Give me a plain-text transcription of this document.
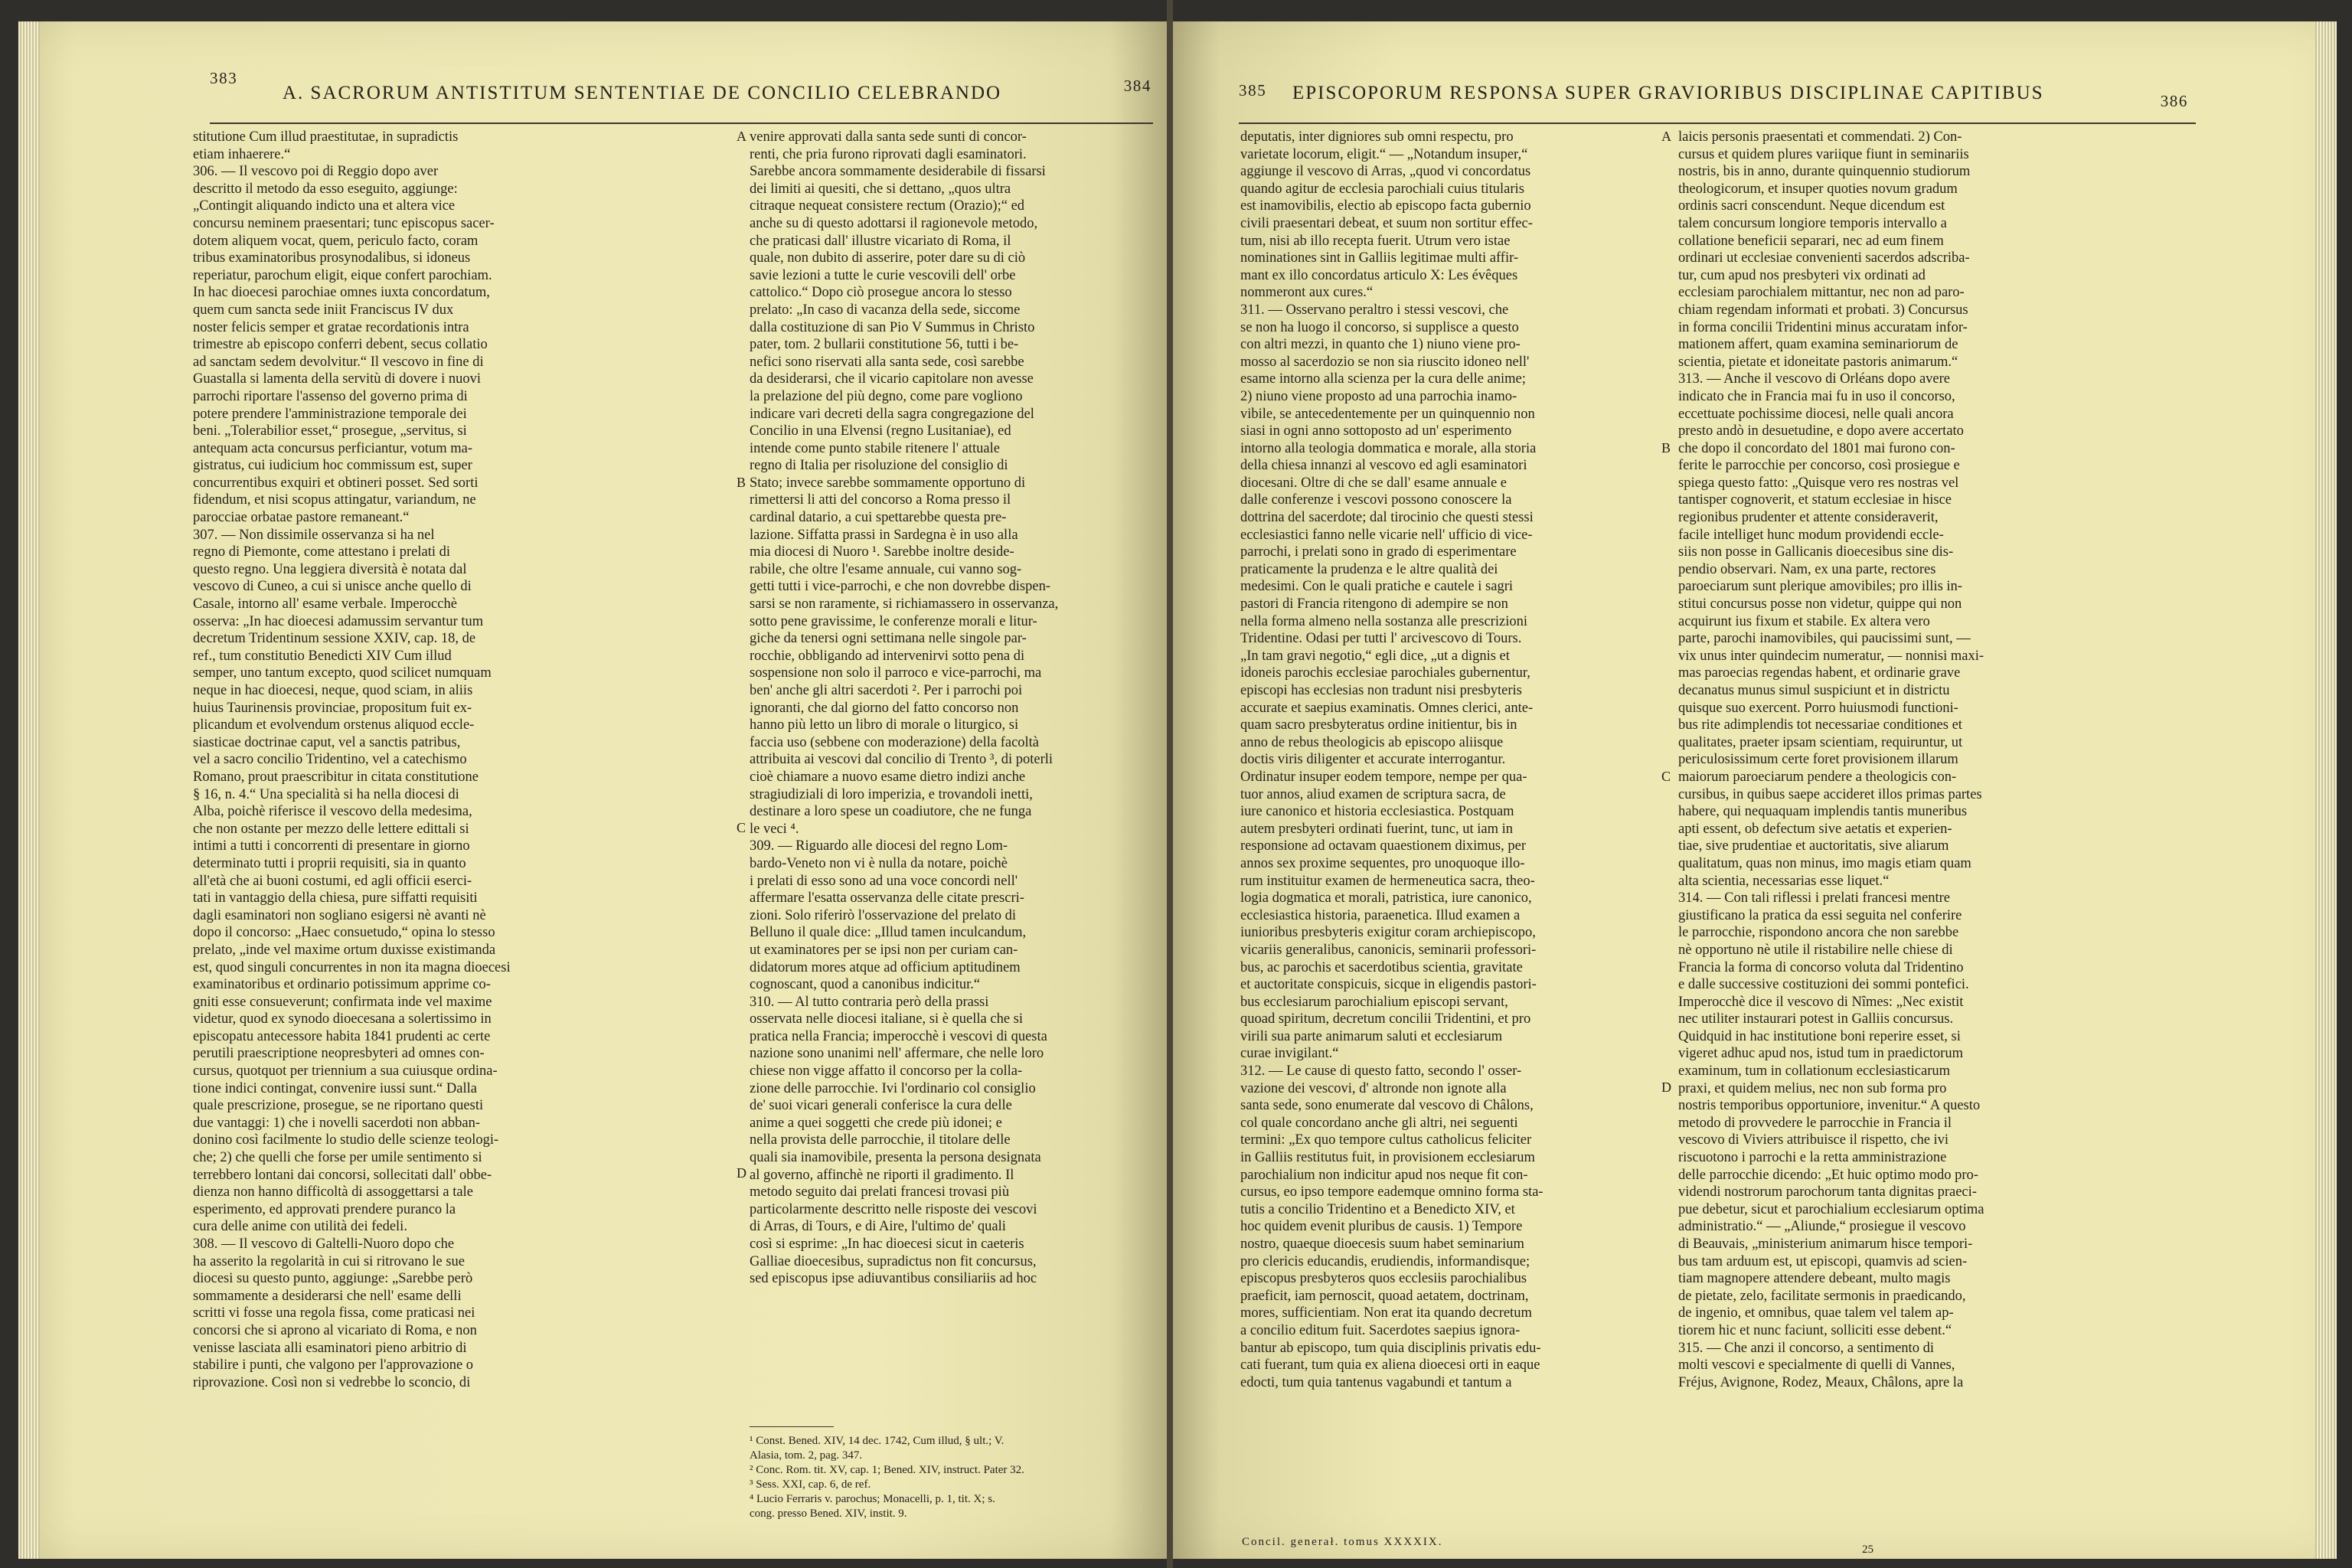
383
A. SACRORUM ANTISTITUM SENTENTIAE DE CONCILIO CELEBRANDO	384
stitutione Cum illud praestitutae, in supradictis
etiam inhaerere.“
306. — Il vescovo poi di Reggio dopo aver
descritto il metodo da esso eseguito, aggiunge:
„Contingit aliquando indicto una et altera vice
concursu neminem praesentari; tunc episcopus sacer-
dotem aliquem vocat, quem, periculo facto, coram
tribus examinatoribus prosynodalibus, si idoneus
reperiatur, parochum eligit, eique confert parochiam.
In hac dioecesi parochiae omnes iuxta concordatum,
quem cum sancta sede iniit Franciscus IV dux
noster felicis semper et gratae recordationis intra
trimestre ab episcopo conferri debent, secus collatio
ad sanctam sedem devolvitur.“ Il vescovo in fine di
Guastalla si lamenta della servitù di dovere i nuovi
parrochi riportare l'assenso del governo prima di
potere prendere l'amministrazione temporale dei
beni. „Tolerabilior esset,“ prosegue, „servitus, si
antequam acta concursus perficiantur, votum ma-
gistratus, cui iudicium hoc commissum est, super
concurrentibus exquiri et obtineri posset. Sed sorti
fidendum, et nisi scopus attingatur, variandum, ne
parocciae orbatae pastore remaneant.“
307. — Non dissimile osservanza si ha nel
regno di Piemonte, come attestano i prelati di
questo regno. Una leggiera diversità è notata dal
vescovo di Cuneo, a cui si unisce anche quello di
Casale, intorno all' esame verbale. Imperocchè
osserva: „In hac dioecesi adamussim servantur tum
decretum Tridentinum sessione XXIV, cap. 18, de
ref., tum constitutio Benedicti XIV Cum illud
semper, uno tantum excepto, quod scilicet numquam
neque in hac dioecesi, neque, quod sciam, in aliis
huius Taurinensis provinciae, propositum fuit ex-
plicandum et evolvendum orstenus aliquod eccle-
siasticae doctrinae caput, vel a sanctis patribus,
vel a sacro concilio Tridentino, vel a catechismo
Romano, prout praescribitur in citata constitutione
§ 16, n. 4.“ Una specialità si ha nella diocesi di
Alba, poichè riferisce il vescovo della medesima,
che non ostante per mezzo delle lettere edittali si
intimi a tutti i concorrenti di presentare in giorno
determinato tutti i proprii requisiti, sia in quanto
all'età che ai buoni costumi, ed agli officii eserci-
tati in vantaggio della chiesa, pure siffatti requisiti
dagli esaminatori non sogliano esigersi nè avanti nè
dopo il concorso: „Haec consuetudo,“ opina lo stesso
prelato, „inde vel maxime ortum duxisse existimanda
est, quod singuli concurrentes in non ita magna dioecesi
examinatoribus et ordinario potissimum apprime co-
gniti esse consueverunt; confirmata inde vel maxime
videtur, quod ex synodo dioecesana a solertissimo in
episcopatu antecessore habita 1841 prudenti ac certe
perutili praescriptione neopresbyteri ad omnes con-
cursus, quotquot per triennium a sua cuiusque ordina-
tione indici contingat, convenire iussi sunt.“ Dalla
quale prescrizione, prosegue, se ne riportano questi
due vantaggi: 1) che i novelli sacerdoti non abban-
donino così facilmente lo studio delle scienze teologi-
che; 2) che quelli che forse per umile sentimento si
terrebbero lontani dai concorsi, sollecitati dall' obbe-
dienza non hanno difficoltà di assoggettarsi a tale
esperimento, ed approvati prendere puranco la
cura delle anime con utilità dei fedeli.
308. — Il vescovo di Galtelli-Nuoro dopo che
ha asserito la regolarità in cui si ritrovano le sue
diocesi su questo punto, aggiunge: „Sarebbe però
sommamente a desiderarsi che nell' esame delli
scritti vi fosse una regola fissa, come praticasi nei
concorsi che si aprono al vicariato di Roma, e non
venisse lasciata alli esaminatori pieno arbitrio di
stabilire i punti, che valgono per l'approvazione o
riprovazione. Così non si vedrebbe lo sconcio, di
venire approvati dalla santa sede sunti di concor-
renti, che pria furono riprovati dagli esaminatori.
Sarebbe ancora sommamente desiderabile di fissarsi
dei limiti ai quesiti, che si dettano, „quos ultra
citraque nequeat consistere rectum (Orazio);“ ed
anche su di questo adottarsi il ragionevole metodo,
che praticasi dall' illustre vicariato di Roma, il
quale, non dubito di asserire, poter dare su di ciò
savie lezioni a tutte le curie vescovili dell' orbe
cattolico.“ Dopo ciò prosegue ancora lo stesso
prelato: „In caso di vacanza della sede, siccome
dalla costituzione di san Pio V Summus in Christo
pater, tom. 2 bullarii constitutione 56, tutti i be-
nefici sono riservati alla santa sede, così sarebbe
da desiderarsi, che il vicario capitolare non avesse
la prelazione del più degno, come pare vogliono
indicare vari decreti della sagra congregazione del
Concilio in una Elvensi (regno Lusitaniae), ed
intende come punto stabile ritenere l' attuale
regno di Italia per risoluzione del consiglio di
Stato; invece sarebbe sommamente opportuno di
rimettersi li atti del concorso a Roma presso il
cardinal datario, a cui spettarebbe questa pre-
lazione. Siffatta prassi in Sardegna è in uso alla
mia diocesi di Nuoro ¹. Sarebbe inoltre deside-
rabile, che oltre l'esame annuale, cui vanno sog-
getti tutti i vice-parrochi, e che non dovrebbe dispen-
sarsi se non raramente, si richiamassero in osservanza,
sotto pene gravissime, le conferenze morali e litur-
giche da tenersi ogni settimana nelle singole par-
rocchie, obbligando ad intervenirvi sotto pena di
sospensione non solo il parroco e vice-parrochi, ma
ben' anche gli altri sacerdoti ². Per i parrochi poi
ignoranti, che dal giorno del fatto concorso non
hanno più letto un libro di morale o liturgico, si
faccia uso (sebbene con moderazione) della facoltà
attribuita ai vescovi dal concilio di Trento ³, di poterli
cioè chiamare a nuovo esame dietro indizi anche
stragiudiziali di loro imperizia, e trovandoli inetti,
destinare a loro spese un coadiutore, che ne funga
le veci ⁴.
309. — Riguardo alle diocesi del regno Lom-
bardo-Veneto non vi è nulla da notare, poichè
i prelati di esso sono ad una voce concordi nell'
affermare l'esatta osservanza delle citate prescri-
zioni. Solo riferirò l'osservazione del prelato di
Belluno il quale dice: „Illud tamen inculcandum,
ut examinatores per se ipsi non per curiam can-
didatorum mores atque ad officium aptitudinem
cognoscant, quod a canonibus indicitur.“
310. — Al tutto contraria però della prassi
osservata nelle diocesi italiane, si è quella che si
pratica nella Francia; imperocchè i vescovi di questa
nazione sono unanimi nell' affermare, che nelle loro
chiese non vigge affatto il concorso per la colla-
zione delle parrocchie. Ivi l'ordinario col consiglio
de' suoi vicari generali conferisce la cura delle
anime a quei soggetti che crede più idonei; e
nella provista delle parrocchie, il titolare delle
quali sia inamovibile, presenta la persona designata
al governo, affinchè ne riporti il gradimento. Il
metodo seguito dai prelati francesi trovasi più
particolarmente descritto nelle risposte dei vescovi
di Arras, di Tours, e di Aire, l'ultimo de' quali
così si esprime: „In hac dioecesi sicut in caeteris
Galliae dioecesibus, supradictus non fit concursus,
sed episcopus ipse adiuvantibus consiliariis ad hoc
A
B
C
D
¹ Const. Bened. XIV, 14 dec. 1742, Cum illud, § ult.; V.
Alasia, tom. 2, pag. 347.
² Conc. Rom. tit. XV, cap. 1; Bened. XIV, instruct. Pater 32.
³ Sess. XXI, cap. 6, de ref.
⁴ Lucio Ferraris v. parochus; Monacelli, p. 1, tit. X; s.
cong. presso Bened. XIV, instit. 9.
385 EPISCOPORUM RESPONSA SUPER GRAVIORIBUS DISCIPLINAE CAPITIBUS	386
deputatis, inter digniores sub omni respectu, pro
varietate locorum, eligit.“ — „Notandum insuper,“
aggiunge il vescovo di Arras, „quod vi concordatus
quando agitur de ecclesia parochiali cuius titularis
est inamovibilis, electio ab episcopo facta gubernio
civili praesentari debeat, et suum non sortitur effec-
tum, nisi ab illo recepta fuerit. Utrum vero istae
nominationes sint in Galliis legitimae multi affir-
mant ex illo concordatus articulo X: Les évêques
nommeront aux cures.“
311. — Osservano peraltro i stessi vescovi, che
se non ha luogo il concorso, si supplisce a questo
con altri mezzi, in quanto che 1) niuno viene pro-
mosso al sacerdozio se non sia riuscito idoneo nell'
esame intorno alla scienza per la cura delle anime;
2) niuno viene proposto ad una parrochia inamo-
vibile, se antecedentemente per un quinquennio non
siasi in ogni anno sottoposto ad un' esperimento
intorno alla teologia dommatica e morale, alla storia
della chiesa innanzi al vescovo ed agli esaminatori
diocesani. Oltre di che se dall' esame annuale e
dalle conferenze i vescovi possono conoscere la
dottrina del sacerdote; dal tirocinio che questi stessi
ecclesiastici fanno nelle vicarie nell' ufficio di vice-
parrochi, i prelati sono in grado di esperimentare
praticamente la prudenza e le altre qualità dei
medesimi. Con le quali pratiche e cautele i sagri
pastori di Francia ritengono di adempire se non
nella forma almeno nella sostanza alle prescrizioni
Tridentine. Odasi per tutti l' arcivescovo di Tours.
„In tam gravi negotio,“ egli dice, „ut a dignis et
idoneis parochis ecclesiae parochiales gubernentur,
episcopi has ecclesias non tradunt nisi presbyteris
accurate et saepius examinatis. Omnes clerici, ante-
quam sacro presbyteratus ordine initientur, bis in
anno de rebus theologicis ab episcopo aliisque
doctis viris diligenter et accurate interrogantur.
Ordinatur insuper eodem tempore, nempe per qua-
tuor annos, aliud examen de scriptura sacra, de
iure canonico et historia ecclesiastica. Postquam
autem presbyteri ordinati fuerint, tunc, ut iam in
responsione ad octavam quaestionem diximus, per
annos sex proxime sequentes, pro unoquoque illo-
rum instituitur examen de hermeneutica sacra, theo-
logia dogmatica et morali, patristica, iure canonico,
ecclesiastica historia, paraenetica. Illud examen a
iunioribus presbyteris exigitur coram archiepiscopo,
vicariis generalibus, canonicis, seminarii professori-
bus, ac parochis et sacerdotibus scientia, gravitate
et auctoritate conspicuis, sicque in eligendis pastori-
bus ecclesiarum parochialium episcopi servant,
quoad spiritum, decretum concilii Tridentini, et pro
virili sua parte animarum saluti et ecclesiarum
curae invigilant.“
312. — Le cause di questo fatto, secondo l' osser-
vazione dei vescovi, d' altronde non ignote alla
santa sede, sono enumerate dal vescovo di Châlons,
col quale concordano anche gli altri, nei seguenti
termini: „Ex quo tempore cultus catholicus feliciter
in Galliis restitutus fuit, in provisionem ecclesiarum
parochialium non indicitur apud nos neque fit con-
cursus, eo ipso tempore eademque omnino forma sta-
tutis a concilio Tridentino et a Benedicto XIV, et
hoc quidem evenit pluribus de causis. 1) Tempore
nostro, quaeque dioecesis suum habet seminarium
pro clericis educandis, erudiendis, informandisque;
episcopus presbyteros quos ecclesiis parochialibus
praeficit, iam pernoscit, quoad aetatem, doctrinam,
mores, sufficientiam. Non erat ita quando decretum
a concilio editum fuit. Sacerdotes saepius ignora-
bantur ab episcopo, tum quia disciplinis privatis edu-
cati fuerant, tum quia ex aliena dioecesi orti in eaque
edocti, tum quia tantenus vagabundi et tantum a
laicis personis praesentati et commendati. 2) Con-
cursus et quidem plures variique fiunt in seminariis
nostris, bis in anno, durante quinquennio studiorum
theologicorum, et insuper quoties novum gradum
ordinis sacri conscendunt. Neque dicendum est
talem concursum longiore temporis intervallo a
collatione beneficii separari, nec ad eum finem
ordinari ut ecclesiae convenienti sacerdos adscriba-
tur, cum apud nos presbyteri vix ordinati ad
ecclesiam parochialem mittantur, nec non ad paro-
chiam regendam informati et probati. 3) Concursus
in forma concilii Tridentini minus accuratam infor-
mationem affert, quam examina seminariorum de
scientia, pietate et idoneitate pastoris animarum.“
313. — Anche il vescovo di Orléans dopo avere
indicato che in Francia mai fu in uso il concorso,
eccettuate pochissime diocesi, nelle quali ancora
presto andò in desuetudine, e dopo avere accertato
che dopo il concordato del 1801 mai furono con-
ferite le parrocchie per concorso, così prosiegue e
spiega questo fatto: „Quisque vero res nostras vel
tantisper cognoverit, et statum ecclesiae in hisce
regionibus prudenter et attente consideraverit,
facile intelliget hunc modum providendi eccle-
siis non posse in Gallicanis dioecesibus sine dis-
pendio observari. Nam, ex una parte, rectores
paroeciarum sunt plerique amovibiles; pro illis in-
stitui concursus posse non videtur, quippe qui non
acquirunt ius fixum et stabile. Ex altera vero
parte, parochi inamovibiles, qui paucissimi sunt, —
vix unus inter quindecim numeratur, — nonnisi maxi-
mas paroecias regendas habent, et ordinarie grave
decanatus munus simul suspiciunt et in districtu
quisque suo exercent. Porro huiusmodi functioni-
bus rite adimplendis tot necessariae conditiones et
qualitates, praeter ipsam scientiam, requiruntur, ut
periculosissimum certe foret provisionem illarum
maiorum paroeciarum pendere a theologicis con-
cursibus, in quibus saepe accideret illos primas partes
habere, qui nequaquam implendis tantis muneribus
apti essent, ob defectum sive aetatis et experien-
tiae, sive prudentiae et auctoritatis, sive aliarum
qualitatum, quas non minus, imo magis etiam quam
alta scientia, necessarias esse liquet.“
314. — Con tali riflessi i prelati francesi mentre
giustificano la pratica da essi seguita nel conferire
le parrocchie, rispondono ancora che non sarebbe
nè opportuno nè utile il ristabilire nelle chiese di
Francia la forma di concorso voluta dal Tridentino
e dalle successive costituzioni dei sommi pontefici.
Imperocchè dice il vescovo di Nîmes: „Nec existit
nec utiliter instaurari potest in Galliis concursus.
Quidquid in hac institutione boni reperire esset, si
vigeret adhuc apud nos, istud tum in praedictorum
examinum, tum in collationum ecclesiasticarum
praxi, et quidem melius, nec non sub forma pro
nostris temporibus opportuniore, invenitur.“ A questo
metodo di provvedere le parrocchie in Francia il
vescovo di Viviers attribuisce il rispetto, che ivi
riscuotono i parrochi e la retta amministrazione
delle parrocchie dicendo: „Et huic optimo modo pro-
videndi nostrorum parochorum tanta dignitas praeci-
pue debetur, sicut et parochialium ecclesiarum optima
administratio.“ — „Aliunde,“ prosiegue il vescovo
di Beauvais, „ministerium animarum hisce tempori-
bus tam arduum est, ut episcopi, quamvis ad scien-
tiam magnopere attendere debeant, multo magis
de pietate, zelo, facilitate sermonis in praedicando,
de ingenio, et omnibus, quae talem vel talem ap-
tiorem hic et nunc faciunt, solliciti esse debent.“
315. — Che anzi il concorso, a sentimento di
molti vescovi e specialmente di quelli di Vannes,
Fréjus, Avignone, Rodez, Meaux, Châlons, apre la
A
B
C
D
Concil. generał. tomus XXXXIX.
25
